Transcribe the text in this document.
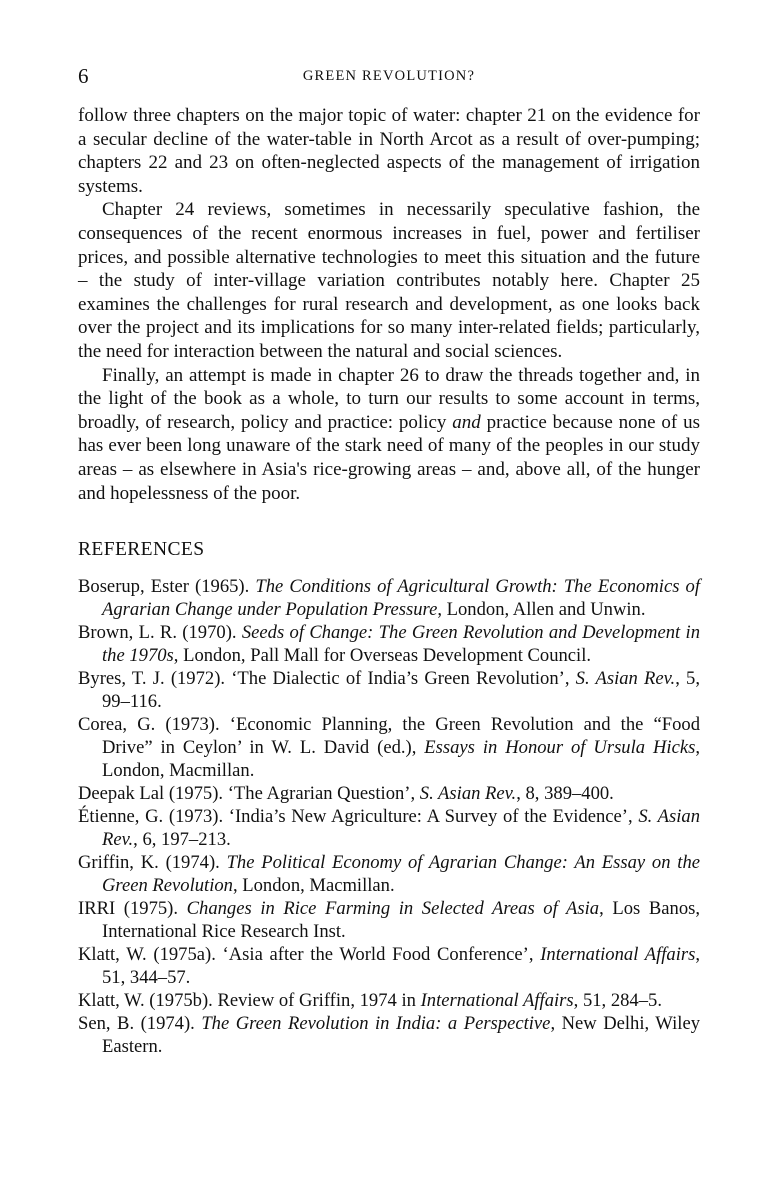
6	GREEN REVOLUTION?

follow three chapters on the major topic of water: chapter 21 on the evidence for a secular decline of the water-table in North Arcot as a result of over-pumping; chapters 22 and 23 on often-neglected aspects of the management of irrigation systems.

Chapter 24 reviews, sometimes in necessarily speculative fashion, the consequences of the recent enormous increases in fuel, power and fertiliser prices, and possible alternative technologies to meet this situation and the future – the study of inter-village variation contributes notably here. Chapter 25 examines the challenges for rural research and development, as one looks back over the project and its implications for so many inter-related fields; particularly, the need for interaction between the natural and social sciences.

Finally, an attempt is made in chapter 26 to draw the threads together and, in the light of the book as a whole, to turn our results to some account in terms, broadly, of research, policy and practice: policy and practice because none of us has ever been long unaware of the stark need of many of the peoples in our study areas – as elsewhere in Asia's rice-growing areas – and, above all, of the hunger and hopelessness of the poor.

REFERENCES

Boserup, Ester (1965). The Conditions of Agricultural Growth: The Economics of Agrarian Change under Population Pressure, London, Allen and Unwin.

Brown, L. R. (1970). Seeds of Change: The Green Revolution and Development in the 1970s, London, Pall Mall for Overseas Development Council.

Byres, T. J. (1972). ‘The Dialectic of India’s Green Revolution’, S. Asian Rev., 5, 99–116.

Corea, G. (1973). ‘Economic Planning, the Green Revolution and the “Food Drive” in Ceylon’ in W. L. David (ed.), Essays in Honour of Ursula Hicks, London, Macmillan.

Deepak Lal (1975). ‘The Agrarian Question’, S. Asian Rev., 8, 389–400.

Étienne, G. (1973). ‘India’s New Agriculture: A Survey of the Evidence’, S. Asian Rev., 6, 197–213.

Griffin, K. (1974). The Political Economy of Agrarian Change: An Essay on the Green Revolution, London, Macmillan.

IRRI (1975). Changes in Rice Farming in Selected Areas of Asia, Los Banos, International Rice Research Inst.

Klatt, W. (1975a). ‘Asia after the World Food Conference’, International Affairs, 51, 344–57.

Klatt, W. (1975b). Review of Griffin, 1974 in International Affairs, 51, 284–5.

Sen, B. (1974). The Green Revolution in India: a Perspective, New Delhi, Wiley Eastern.
